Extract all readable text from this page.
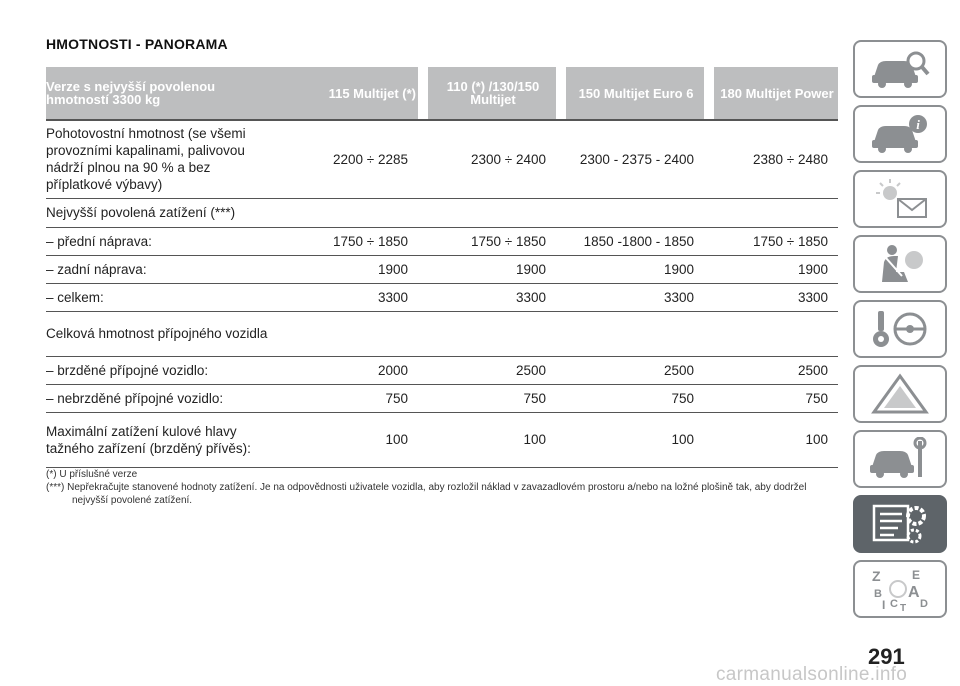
HMOTNOSTI - PANORAMA
Verze s nejvyšší povolenou hmotností 3300 kg	115 Multijet (*)		110 (*) /130/150 Multijet		150 Multijet Euro 6		180 Multijet Power

Pohotovostní hmotnost (se všemi provozními kapalinami, palivovou nádrží plnou na 90 % a bez příplatkové výbavy)	2200 ÷ 2285		2300 ÷ 2400		2300 - 2375 - 2400		2380 ÷ 2480
Nejvyšší povolená zatížení (***)							
– přední náprava:	1750 ÷ 1850		1750 ÷ 1850		1850 -1800 - 1850		1750 ÷ 1850
– zadní náprava:	1900		1900		1900		1900
– celkem:	3300		3300		3300		3300
Celková hmotnost přípojného vozidla							
– brzděné přípojné vozidlo:	2000		2500		2500		2500
– nebrzděné přípojné vozidlo:	750		750		750		750
Maximální zatížení kulové hlavy tažného zařízení (brzděný přívěs):	100		100		100		100
(*) U příslušné verze
(***) Nepřekračujte stanovené hodnoty zatížení. Je na odpovědnosti uživatele vozidla, aby rozložil náklad v zavazadlovém prostoru a/nebo na ložné plošině tak, aby dodržel
nejvyšší povolené zatížení.
i
Z	E
B A
I C D
T
291
carmanualsonline.info
